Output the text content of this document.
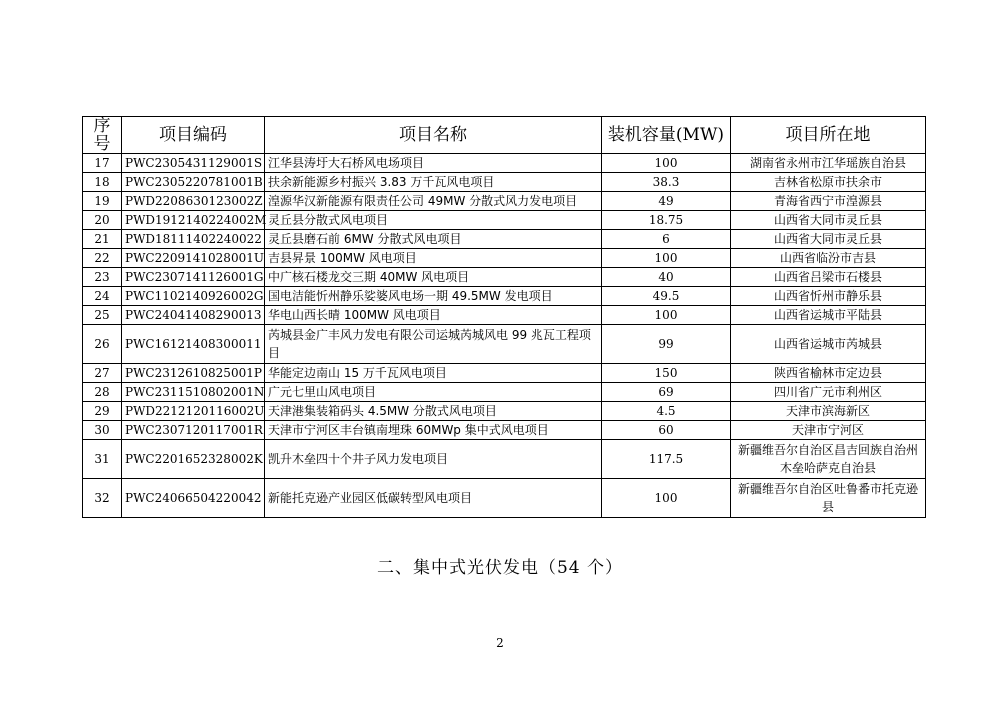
序号	项目编码	项目名称	装机容量(MW)	项目所在地
17	PWC2305431129001S	江华县涛圩大石桥风电场项目	100	湖南省永州市江华瑶族自治县
18	PWC2305220781001B	扶余新能源乡村振兴 3.83 万千瓦风电项目	38.3	吉林省松原市扶余市
19	PWD2208630123002Z	湟源华汉新能源有限责任公司 49MW 分散式风力发电项目	49	青海省西宁市湟源县
20	PWD1912140224002M	灵丘县分散式风电项目	18.75	山西省大同市灵丘县
21	PWD18111402240022	灵丘县磨石前 6MW 分散式风电项目	6	山西省大同市灵丘县
22	PWC2209141028001U	吉县昇景 100MW 风电项目	100	山西省临汾市吉县
23	PWC2307141126001G	中广核石楼龙交三期 40MW 风电项目	40	山西省吕梁市石楼县
24	PWC1102140926002G	国电洁能忻州静乐娑婆风电场一期 49.5MW 发电项目	49.5	山西省忻州市静乐县
25	PWC24041408290013	华电山西长晴 100MW 风电项目	100	山西省运城市平陆县
26	PWC16121408300011	芮城县金广丰风力发电有限公司运城芮城风电 99 兆瓦工程项目	99	山西省运城市芮城县
27	PWC2312610825001P	华能定边南山 15 万千瓦风电项目	150	陕西省榆林市定边县
28	PWC2311510802001N	广元七里山风电项目	69	四川省广元市利州区
29	PWD2212120116002U	天津港集装箱码头 4.5MW 分散式风电项目	4.5	天津市滨海新区
30	PWC2307120117001R	天津市宁河区丰台镇南埋珠 60MWp 集中式风电项目	60	天津市宁河区
31	PWC2201652328002K	凯升木垒四十个井子风力发电项目	117.5	新疆维吾尔自治区昌吉回族自治州木垒哈萨克自治县
32	PWC24066504220042	新能托克逊产业园区低碳转型风电项目	100	新疆维吾尔自治区吐鲁番市托克逊县
二、集中式光伏发电（54 个）
2
